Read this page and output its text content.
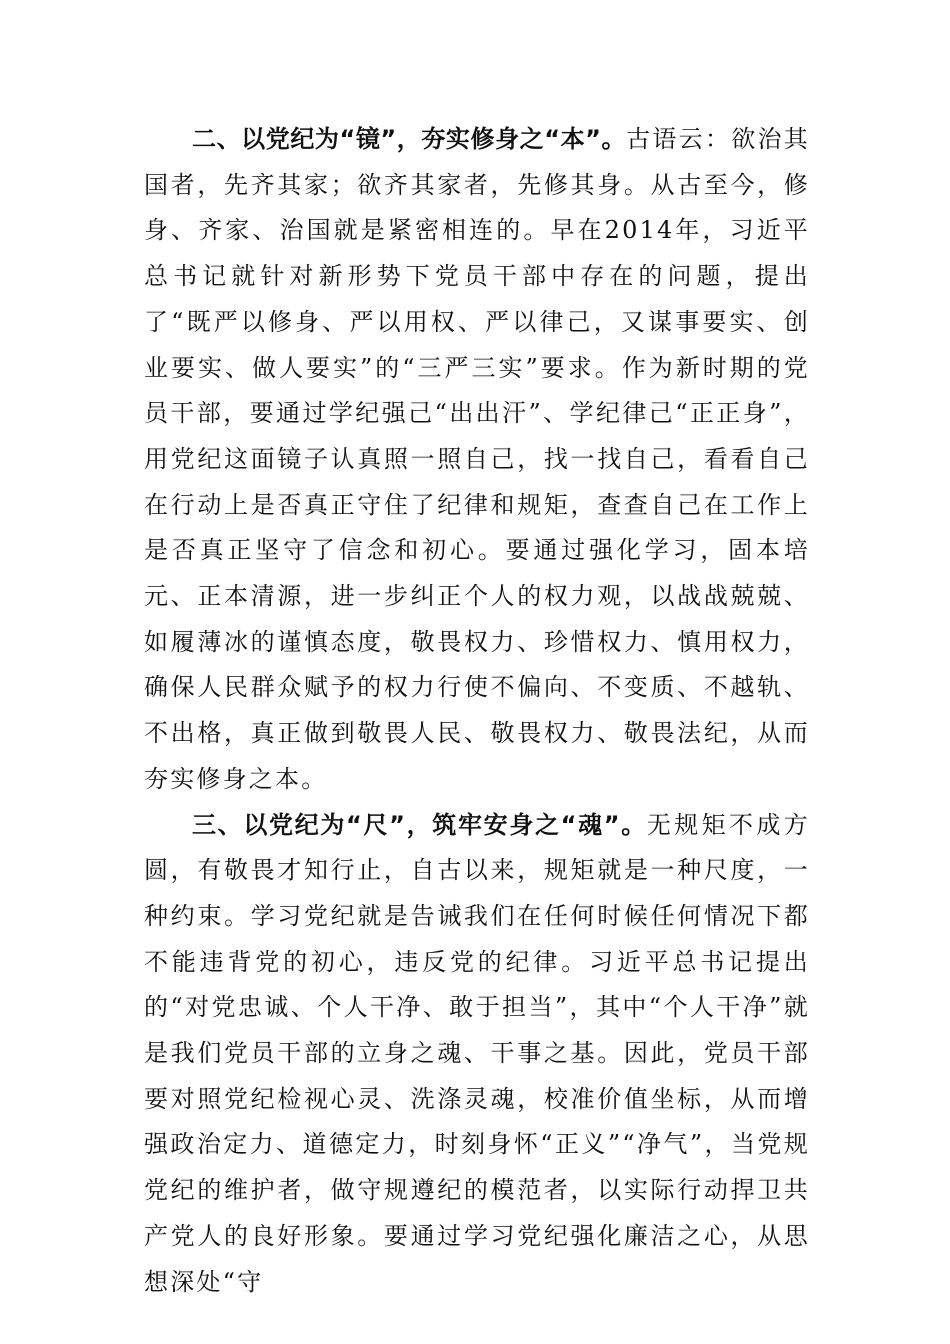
二、以党纪为“镜”，夯实修身之“本”。古语云：欲治其国者，先齐其家；欲齐其家者，先修其身。从古至今，修身、齐家、治国就是紧密相连的。早在2014年，习近平总书记就针对新形势下党员干部中存在的问题，提出了“既严以修身、严以用权、严以律己，又谋事要实、创业要实、做人要实”的“三严三实”要求。作为新时期的党员干部，要通过学纪强己“出出汗”、学纪律己“正正身”，用党纪这面镜子认真照一照自己，找一找自己，看看自己在行动上是否真正守住了纪律和规矩，查查自己在工作上是否真正坚守了信念和初心。要通过强化学习，固本培元、正本清源，进一步纠正个人的权力观，以战战兢兢、如履薄冰的谨慎态度，敬畏权力、珍惜权力、慎用权力，确保人民群众赋予的权力行使不偏向、不变质、不越轨、不出格，真正做到敬畏人民、敬畏权力、敬畏法纪，从而夯实修身之本。

三、以党纪为“尺”，筑牢安身之“魂”。无规矩不成方圆，有敬畏才知行止，自古以来，规矩就是一种尺度，一种约束。学习党纪就是告诫我们在任何时候任何情况下都不能违背党的初心，违反党的纪律。习近平总书记提出的“对党忠诚、个人干净、敢于担当”，其中“个人干净”就是我们党员干部的立身之魂、干事之基。因此，党员干部要对照党纪检视心灵、洗涤灵魂，校准价值坐标，从而增强政治定力、道德定力，时刻身怀“正义”“净气”，当党规党纪的维护者，做守规遵纪的模范者，以实际行动捍卫共产党人的良好形象。要通过学习党纪强化廉洁之心，从思想深处“守
